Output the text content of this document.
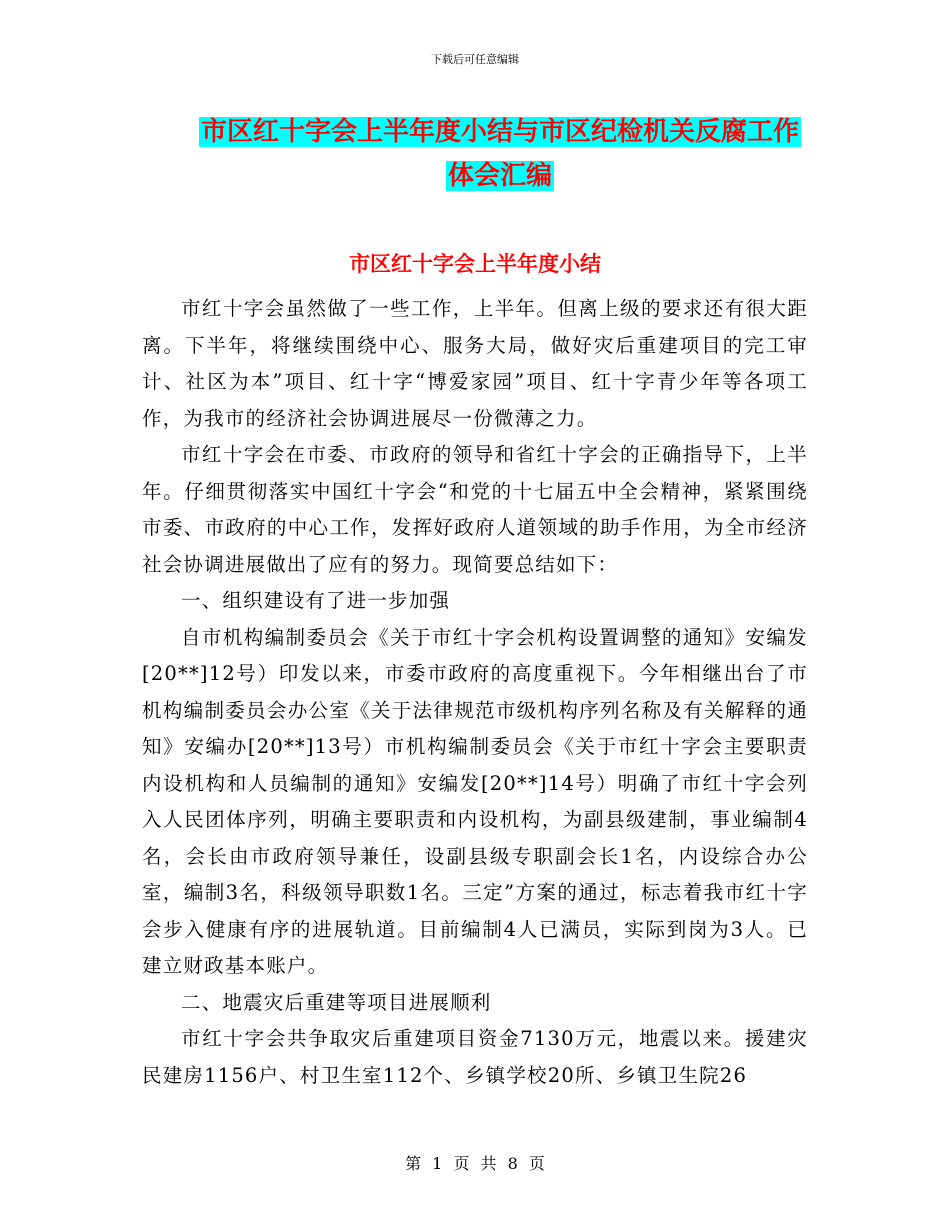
下载后可任意编辑
市区红十字会上半年度小结与市区纪检机关反腐工作
体会汇编
市区红十字会上半年度小结

市红十字会虽然做了一些工作，上半年。但离上级的要求还有很大距离。下半年，将继续围绕中心、服务大局，做好灾后重建项目的完工审计、社区为本”项目、红十字“博爱家园”项目、红十字青少年等各项工作，为我市的经济社会协调进展尽一份微薄之力。

市红十字会在市委、市政府的领导和省红十字会的正确指导下，上半年。仔细贯彻落实中国红十字会“和党的十七届五中全会精神，紧紧围绕市委、市政府的中心工作，发挥好政府人道领域的助手作用，为全市经济社会协调进展做出了应有的努力。现简要总结如下：

一、组织建设有了进一步加强

自市机构编制委员会《关于市红十字会机构设置调整的通知》安编发[20**]12号）印发以来，市委市政府的高度重视下。今年相继出台了市机构编制委员会办公室《关于法律规范市级机构序列名称及有关解释的通知》安编办[20**]13号）市机构编制委员会《关于市红十字会主要职责内设机构和人员编制的通知》安编发[20**]14号）明确了市红十字会列入人民团体序列，明确主要职责和内设机构，为副县级建制，事业编制4名，会长由市政府领导兼任，设副县级专职副会长1名，内设综合办公室，编制3名，科级领导职数1名。三定”方案的通过，标志着我市红十字会步入健康有序的进展轨道。目前编制4人已满员，实际到岗为3人。已建立财政基本账户。

二、地震灾后重建等项目进展顺利

市红十字会共争取灾后重建项目资金7130万元，地震以来。援建灾民建房1156户、村卫生室112个、乡镇学校20所、乡镇卫生院26

第 1 页 共 8 页
